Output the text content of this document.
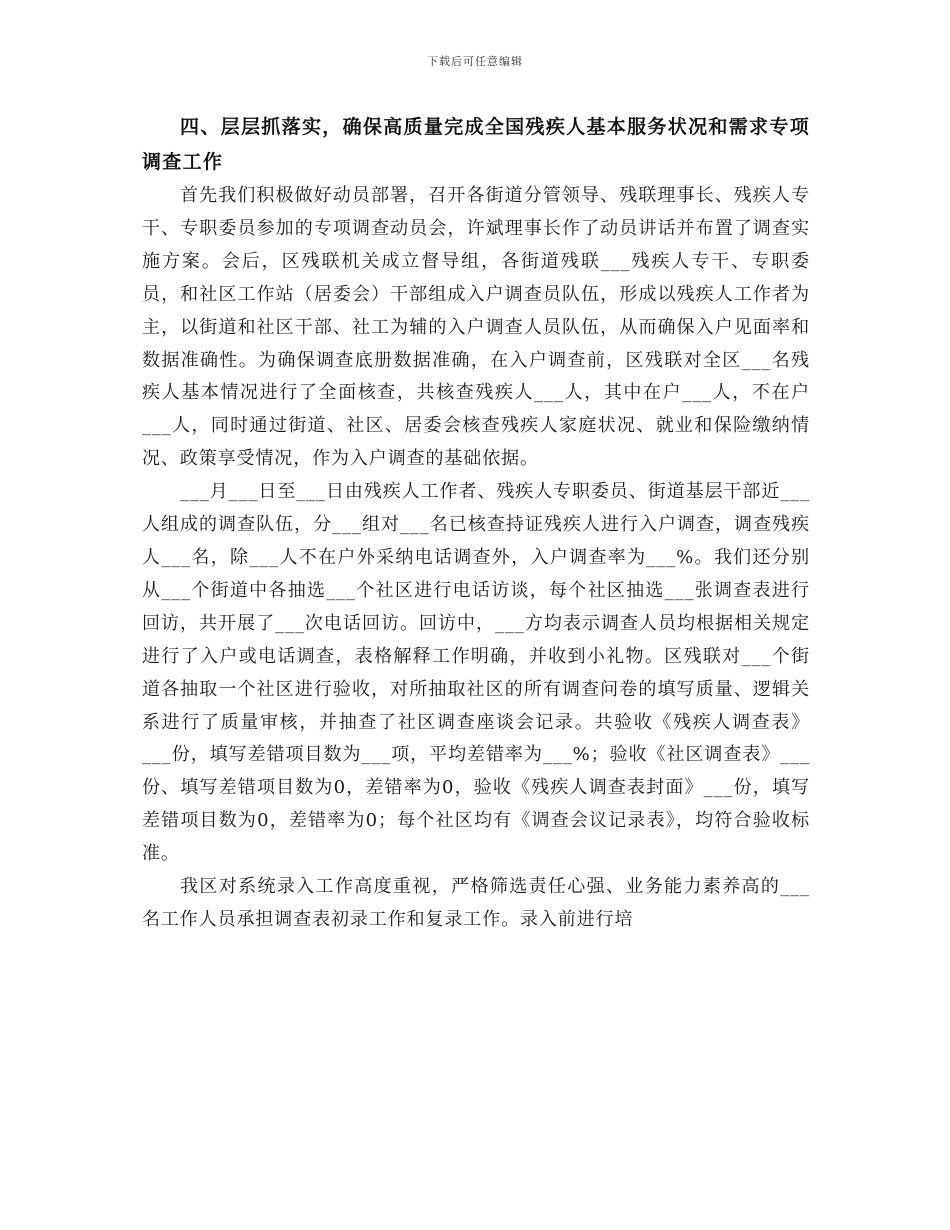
下载后可任意编辑

四、层层抓落实，确保高质量完成全国残疾人基本服务状况和需求专项调查工作

首先我们积极做好动员部署，召开各街道分管领导、残联理事长、残疾人专干、专职委员参加的专项调查动员会，许斌理事长作了动员讲话并布置了调查实施方案。会后，区残联机关成立督导组，各街道残联___残疾人专干、专职委员，和社区工作站（居委会）干部组成入户调查员队伍，形成以残疾人工作者为主，以街道和社区干部、社工为辅的入户调查人员队伍，从而确保入户见面率和数据准确性。为确保调查底册数据准确，在入户调查前，区残联对全区___名残疾人基本情况进行了全面核查，共核查残疾人___人，其中在户___人，不在户___人，同时通过街道、社区、居委会核查残疾人家庭状况、就业和保险缴纳情况、政策享受情况，作为入户调查的基础依据。

___月___日至___日由残疾人工作者、残疾人专职委员、街道基层干部近___人组成的调查队伍，分___组对___名已核查持证残疾人进行入户调查，调查残疾人___名，除___人不在户外采纳电话调查外，入户调查率为___%。我们还分别从___个街道中各抽选___个社区进行电话访谈，每个社区抽选___张调查表进行回访，共开展了___次电话回访。回访中，___方均表示调查人员均根据相关规定进行了入户或电话调查，表格解释工作明确，并收到小礼物。区残联对___个街道各抽取一个社区进行验收，对所抽取社区的所有调查问卷的填写质量、逻辑关系进行了质量审核，并抽查了社区调查座谈会记录。共验收《残疾人调查表》___份，填写差错项目数为___项，平均差错率为___%；验收《社区调查表》___份、填写差错项目数为0，差错率为0，验收《残疾人调查表封面》___份，填写差错项目数为0，差错率为0；每个社区均有《调查会议记录表》，均符合验收标准。

我区对系统录入工作高度重视，严格筛选责任心强、业务能力素养高的___名工作人员承担调查表初录工作和复录工作。录入前进行培
